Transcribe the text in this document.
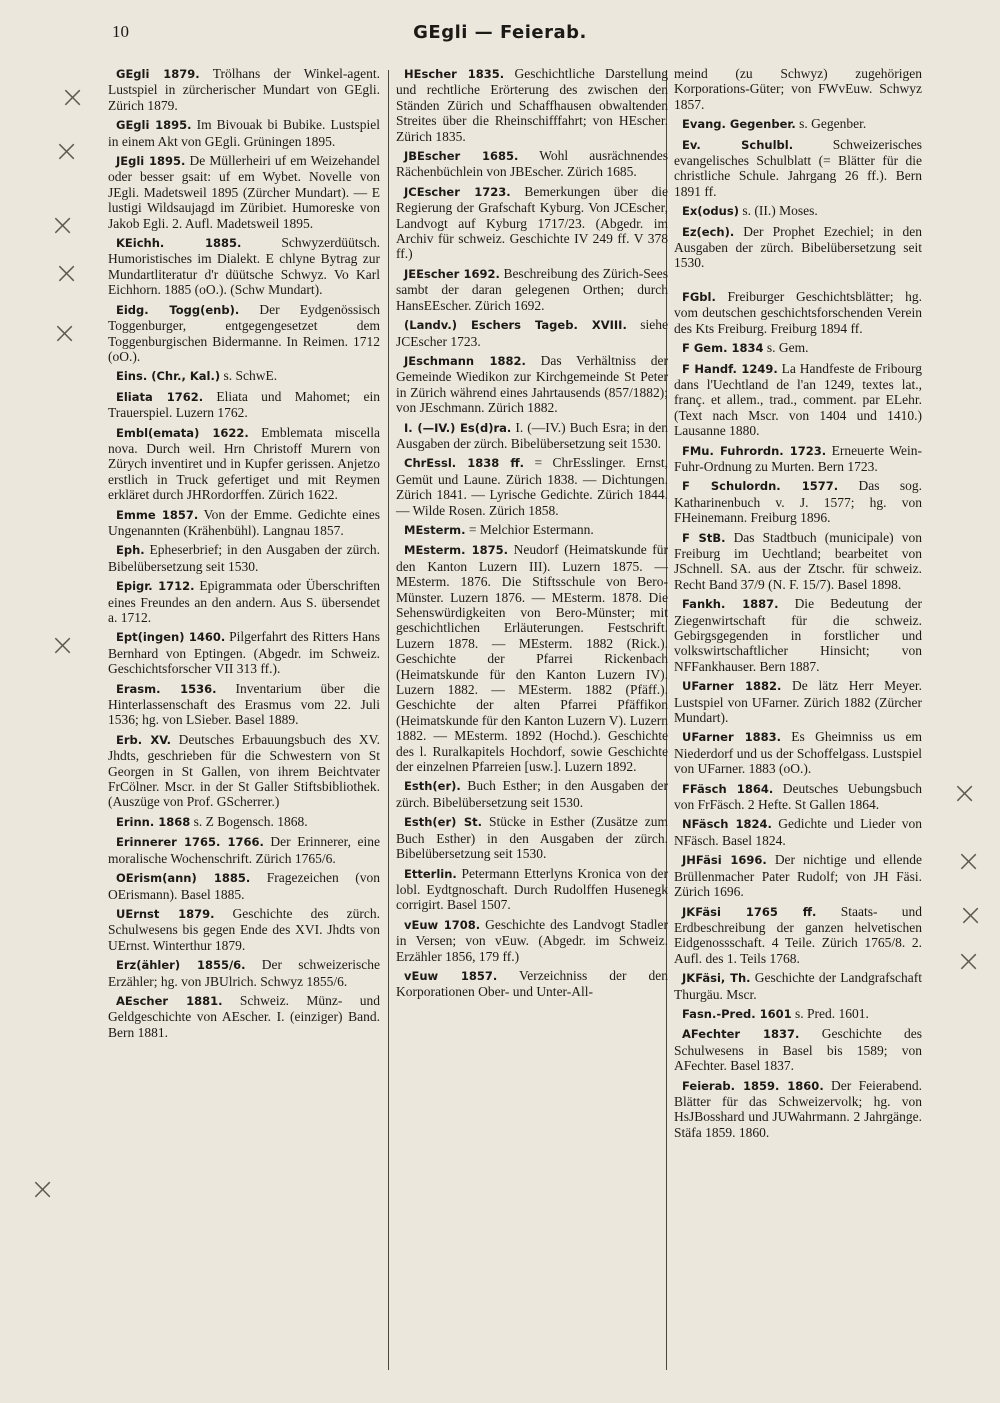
10	GEgli — Feierab.
×
×
×
×
×
×
×
×
×
×
×

GEgli 1879. Trölhans der Winkel-agent. Lustspiel in zürcherischer Mundart von GEgli. Zürich 1879.

GEgli 1895. Im Bivouak bi Bubike. Lustspiel in einem Akt von GEgli. Grüningen 1895.

JEgli 1895. De Müllerheiri uf em Weizehandel oder besser gsait: uf em Wybet. Novelle von JEgli. Madetsweil 1895 (Zürcher Mundart). — E lustigi Wildsaujagd im Züribiet. Humoreske von Jakob Egli. 2. Aufl. Madetsweil 1895.

KEichh. 1885.	Schwyzerdüütsch. Humoristisches im Dialekt. E chlyne Bytrag zur Mundartliteratur d'r düütsche Schwyz. Vo Karl Eichhorn. 1885 (oO.). (Schw Mundart).

Eidg. Togg(enb). Der Eydgenössisch Toggenburger, entgegengesetzet dem Toggenburgischen Bidermanne. In Reimen. 1712 (oO.).

Eins. (Chr., Kal.) s. SchwE.

Eliata 1762. Eliata und Mahomet; ein Trauerspiel. Luzern 1762.

Embl(emata) 1622. Emblemata miscella nova. Durch weil. Hrn Christoff Murern von Zürych inventiret und in Kupfer gerissen. Anjetzo erstlich in Truck gefertiget und mit Reymen erkläret durch JHRordorffen. Zürich 1622.

Emme 1857. Von der Emme. Gedichte eines Ungenannten (Krähenbühl). Langnau 1857.

Eph. Epheserbrief; in den Ausgaben der zürch. Bibelübersetzung seit 1530.

Epigr. 1712. Epigrammata oder Überschriften eines Freundes an den andern. Aus S. übersendet a. 1712.

Ept(ingen) 1460. Pilgerfahrt des Ritters Hans Bernhard von Eptingen. (Abgedr. im Schweiz. Geschichtsforscher VII 313 ff.).

Erasm. 1536. Inventarium über die Hinterlassenschaft des Erasmus vom 22. Juli 1536; hg. von LSieber. Basel 1889.

Erb. XV. Deutsches Erbauungsbuch des XV. Jhdts, geschrieben für die Schwestern von St Georgen in St Gallen, von ihrem Beichtvater FrCölner. Mscr. in der St Galler Stiftsbibliothek. (Auszüge von Prof. GScherrer.)

Erinn. 1868 s. Z Bogensch. 1868.

Erinnerer 1765. 1766. Der Erinnerer, eine moralische Wochenschrift. Zürich 1765/6.

OErism(ann) 1885. Fragezeichen (von OErismann). Basel 1885.

UErnst 1879. Geschichte des zürch. Schulwesens bis gegen Ende des XVI. Jhdts von UErnst. Winterthur 1879.

Erz(ähler) 1855/6. Der schweizerische Erzähler; hg. von JBUlrich. Schwyz 1855/6.

AEscher 1881. Schweiz. Münz- und Geldgeschichte von AEscher. I. (einziger) Band. Bern 1881.

HEscher 1835. Geschichtliche Darstellung und rechtliche Erörterung des zwischen den Ständen Zürich und Schaffhausen obwaltenden Streites über die Rheinschifffahrt; von HEscher. Zürich 1835.

JBEscher 1685. Wohl ausrächnendes Rächenbüchlein von JBEscher. Zürich 1685.

JCEscher 1723. Bemerkungen über die Regierung der Grafschaft Kyburg. Von JCEscher, Landvogt auf Kyburg 1717/23. (Abgedr. im Archiv für schweiz. Geschichte IV 249 ff. V 378 ff.)

JEEscher 1692. Beschreibung des Zürich-Sees sambt der daran gelegenen Orthen; durch HansEEscher. Zürich 1692.

(Landv.) Eschers Tageb. XVIII. siehe JCEscher 1723.

JEschmann 1882. Das Verhältniss der Gemeinde Wiedikon zur Kirchgemeinde St Peter in Zürich während eines Jahrtausends (857/1882); von JEschmann. Zürich 1882.

I. (—IV.) Es(d)ra. I. (—IV.) Buch Esra; in den Ausgaben der zürch. Bibelübersetzung seit 1530.

ChrEssl. 1838 ff. = ChrEsslinger. Ernst, Gemüt und Laune. Zürich 1838. — Dichtungen. Zürich 1841. — Lyrische Gedichte. Zürich 1844. — Wilde Rosen. Zürich 1858.

MEsterm. = Melchior Estermann.

MEsterm. 1875. Neudorf (Heimatskunde für den Kanton Luzern III). Luzern 1875. — MEsterm. 1876. Die Stiftsschule von Bero-Münster. Luzern 1876. — MEsterm. 1878. Die Sehenswürdigkeiten von Bero-Münster; mit geschichtlichen Erläuterungen. Festschrift. Luzern 1878. — MEsterm. 1882 (Rick.). Geschichte der Pfarrei Rickenbach (Heimatskunde für den Kanton Luzern IV). Luzern 1882. — MEsterm. 1882 (Pfäff.). Geschichte der alten Pfarrei Pfäffikon (Heimatskunde für den Kanton Luzern V). Luzern 1882. — MEsterm. 1892 (Hochd.). Geschichte des l. Ruralkapitels Hochdorf, sowie Geschichte der einzelnen Pfarreien [usw.]. Luzern 1892.

Esth(er). Buch Esther; in den Ausgaben der zürch. Bibelübersetzung seit 1530.

Esth(er) St. Stücke in Esther (Zusätze zum Buch Esther) in den Ausgaben der zürch. Bibelübersetzung seit 1530.

Etterlin. Petermann Etterlyns Kronica von der lobl. Eydtgnoschaft. Durch Rudolffen Husenegk corrigirt. Basel 1507.

vEuw 1708. Geschichte des Landvogt Stadler in Versen; von vEuw. (Abgedr. im Schweiz. Erzähler 1856, 179 ff.)

vEuw 1857. Verzeichniss der den Korporationen Ober- und Unter-All-

meind (zu Schwyz) zugehörigen Korporations-Güter; von FWvEuw. Schwyz 1857.

Evang. Gegenber. s. Gegenber.

Ev. Schulbl.	Schweizerisches evangelisches Schulblatt (= Blätter für die christliche Schule. Jahrgang 26 ff.). Bern 1891 ff.

Ex(odus) s. (II.) Moses.

Ez(ech). Der Prophet Ezechiel; in den Ausgaben der zürch. Bibelübersetzung seit 1530.

FGbl. Freiburger Geschichtsblätter; hg. vom deutschen geschichtsforschenden Verein des Kts Freiburg. Freiburg 1894 ff.

F Gem. 1834 s. Gem.

F Handf. 1249. La Handfeste de Fribourg dans l'Uechtland de l'an 1249, textes lat., franç. et allem., trad., comment. par ELehr. (Text nach Mscr. von 1404 und 1410.) Lausanne 1880.

FMu. Fuhrordn. 1723. Erneuerte Wein-Fuhr-Ordnung zu Murten. Bern 1723.

F Schulordn. 1577. Das sog. Katharinenbuch v. J. 1577; hg. von FHeinemann. Freiburg 1896.

F StB. Das Stadtbuch (municipale) von Freiburg im Uechtland; bearbeitet von JSchnell. SA. aus der Ztschr. für schweiz. Recht Band 37/9 (N. F. 15/7). Basel 1898.

Fankh. 1887. Die Bedeutung der Ziegenwirtschaft für die schweiz. Gebirgsgegenden in forstlicher und volkswirtschaftlicher Hinsicht; von NFFankhauser. Bern 1887.

UFarner 1882. De lätz Herr Meyer. Lustspiel von UFarner. Zürich 1882 (Zürcher Mundart).

UFarner 1883. Es Gheimniss us em Niederdorf und us der Schoffelgass. Lustspiel von UFarner. 1883 (oO.).

FFäsch 1864. Deutsches Uebungsbuch von FrFäsch. 2 Hefte. St Gallen 1864.

NFäsch 1824. Gedichte und Lieder von NFäsch. Basel 1824.

JHFäsi 1696. Der nichtige und ellende Brüllenmacher Pater Rudolf; von JH Fäsi. Zürich 1696.

JKFäsi 1765 ff. Staats- und Erdbeschreibung der ganzen helvetischen Eidgenossschaft. 4 Teile. Zürich 1765/8. 2. Aufl. des 1. Teils 1768.

JKFäsi, Th. Geschichte der Landgrafschaft Thurgäu. Mscr.

Fasn.-Pred. 1601 s. Pred. 1601.

AFechter 1837. Geschichte des Schulwesens in Basel bis 1589; von AFechter. Basel 1837.

Feierab. 1859. 1860. Der Feierabend. Blätter für das Schweizervolk; hg. von HsJBosshard und JUWahrmann. 2 Jahrgänge. Stäfa 1859. 1860.
